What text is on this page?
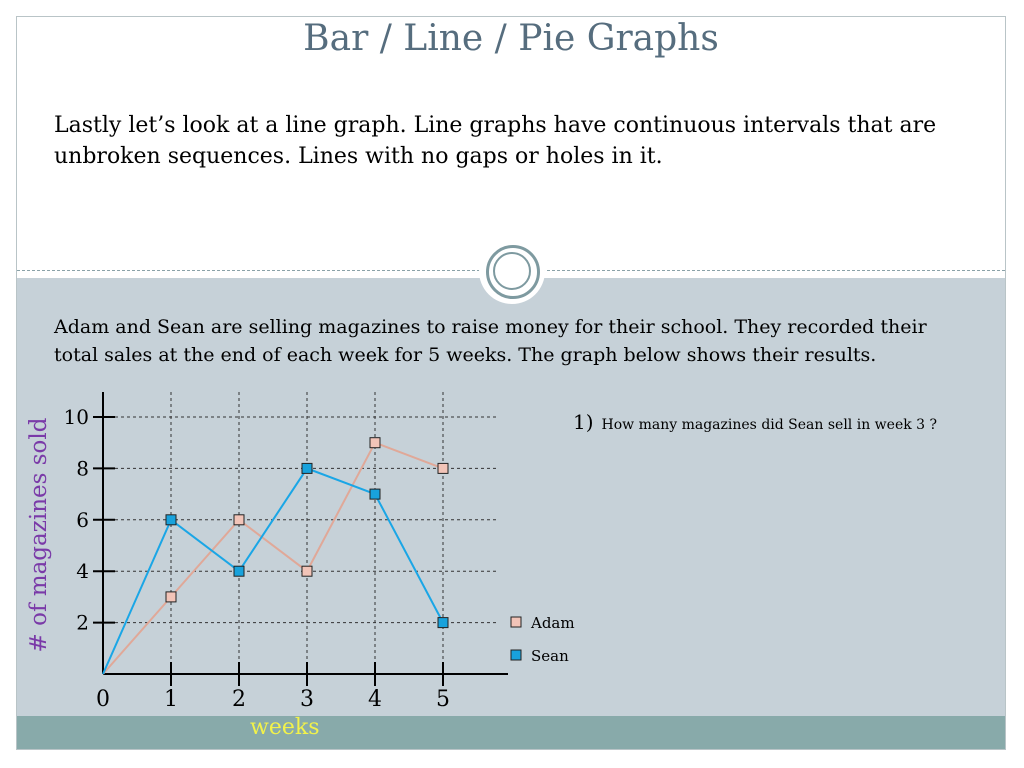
Bar / Line / Pie Graphs
Lastly let’s look at a line graph. Line graphs have continuous intervals that are unbroken sequences. Lines with no gaps or holes in it.
Adam and Sean are selling magazines to raise money for their school. They recorded their total sales at the end of each week for 5 weeks. The graph below shows their results.
1) How many magazines did Sean sell in week 3 ?
# of magazines sold
weeks
2
4
6
8
10
0 1 2 3 4 5
Adam
Sean
